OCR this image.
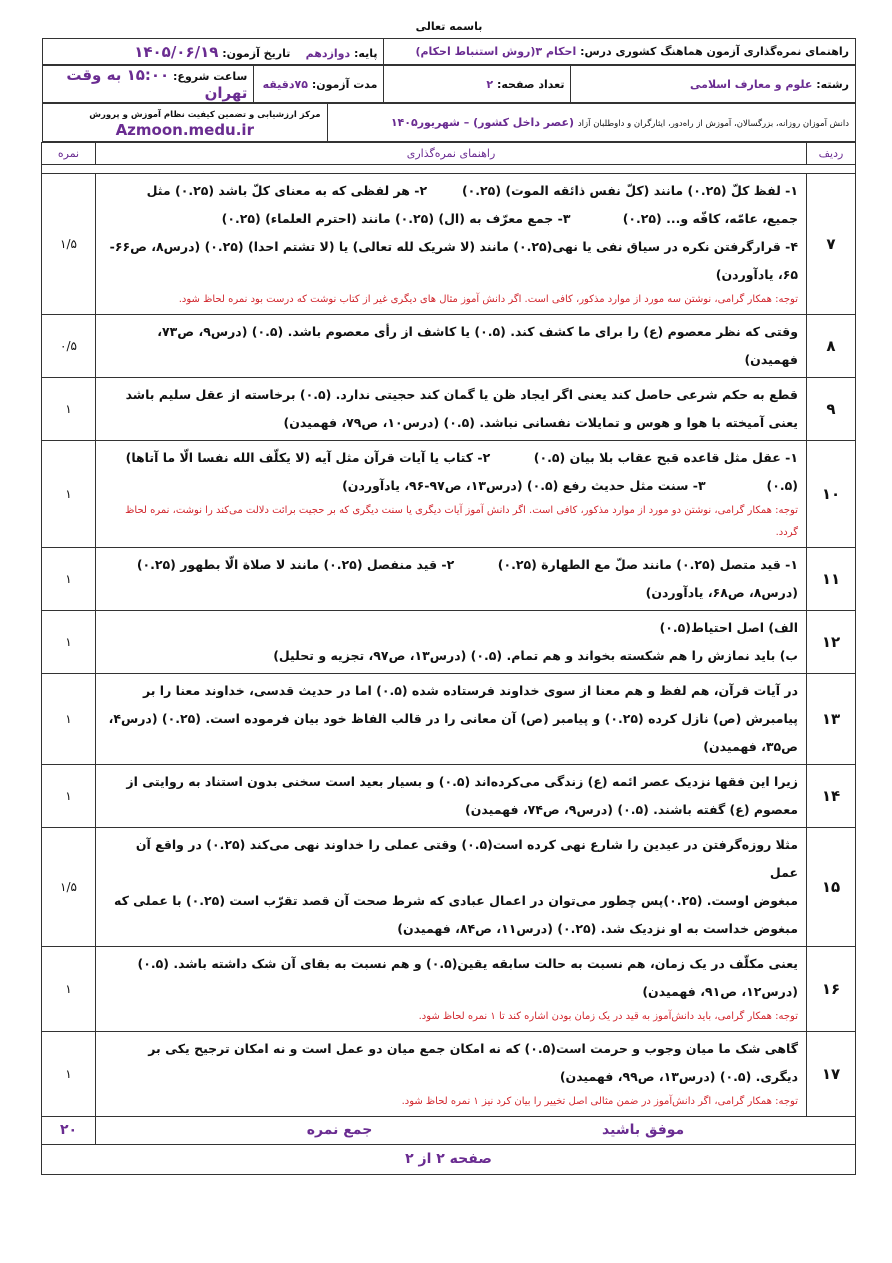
باسمه تعالی
راهنمای نمره‌گذاری آزمون هماهنگ کشوری درس: احکام ۳(روش استنباط احکام)	پایه: دوازدهم    تاریخ آزمون: ۱۴۰۵/۰۶/۱۹
رشته: علوم و معارف اسلامی	تعداد صفحه: ۲	مدت آزمون: ۷۵دقیقه	ساعت شروع: ۱۵:۰۰ به وقت تهران
دانش آموزان روزانه، بزرگسالان، آموزش از راه‌دور، ایثارگران و داوطلبان آزاد (عصر داخل کشور) – شهریور۱۴۰۵	
مرکز ارزشیابی و تضمین کیفیت نظام آموزش و پرورش
Azmoon.medu.ir
ردیف	راهنمای نمره‌گذاری	نمره

۷	۱- لفظ کلّ (۰.۲۵) مانند (کلّ نفس ذائقه الموت) (۰.۲۵)        ۲- هر لفظی که به معنای کلّ باشد (۰.۲۵) مثل
جمیع، عامّه، کافّه و... (۰.۲۵)            ۳- جمع معرّف به (ال) (۰.۲۵) مانند (احترم العلماء) (۰.۲۵)
۴- قرارگرفتن نکره در سیاق نفی یا نهی(۰.۲۵) مانند (لا شریک لله تعالی) یا (لا تشتم احدا) (۰.۲۵) (درس۸، ص۶۶-
۶۵، یادآوردن)
توجه: همکار گرامی، نوشتن سه مورد از موارد مذکور، کافی است. اگر دانش آموز مثال های دیگری غیر از کتاب نوشت که درست بود نمره لحاظ شود.	۱/۵
۸	وقتی که نظر معصوم (ع) را برای ما کشف کند. (۰.۵) یا کاشف از رأی معصوم باشد. (۰.۵) (درس۹، ص۷۳، فهمیدن)	۰/۵
۹	قطع به حکم شرعی حاصل کند یعنی اگر ایجاد ظن یا گمان کند حجیتی ندارد. (۰.۵) برخاسته از عقل سلیم باشد
یعنی آمیخته با هوا و هوس و تمایلات نفسانی نباشد. (۰.۵) (درس۱۰، ص۷۹، فهمیدن)	۱
۱۰	۱- عقل مثل قاعده قبح عقاب بلا بیان (۰.۵)          ۲- کتاب یا آیات قرآن مثل آیه (لا یکلّف الله نفسا الّا ما آتاها)
(۰.۵)              ۳- سنت مثل حدیث رفع (۰.۵) (درس۱۳، ص۹۷-۹۶، یادآوردن)
توجه: همکار گرامی، نوشتن دو مورد از موارد مذکور، کافی است. اگر دانش آموز آیات دیگری یا سنت دیگری که بر حجیت برائت دلالت می‌کند را نوشت، نمره لحاظ گردد.	۱
۱۱	۱- قید متصل (۰.۲۵) مانند صلّ مع الطهارة (۰.۲۵)          ۲- قید منفصل (۰.۲۵) مانند لا صلاة الّا بطهور (۰.۲۵)
(درس۸، ص۶۸، یادآوردن)	۱
۱۲	الف) اصل احتیاط(۰.۵)
ب) باید نمازش را هم شکسته بخواند و هم تمام. (۰.۵) (درس۱۳، ص۹۷، تجزیه و تحلیل)	۱
۱۳	در آیات قرآن، هم لفظ و هم معنا از سوی خداوند فرستاده شده (۰.۵) اما در حدیث قدسی، خداوند معنا را بر
پیامبرش (ص) نازل کرده (۰.۲۵) و پیامبر (ص) آن معانی را در قالب الفاظ خود بیان فرموده است. (۰.۲۵) (درس۴،
ص۳۵، فهمیدن)	۱
۱۴	زیرا این فقها نزدیک عصر ائمه (ع) زندگی می‌کرده‌اند (۰.۵) و بسیار بعید است سخنی بدون استناد به روایتی از
معصوم (ع) گفته باشند. (۰.۵) (درس۹، ص۷۴، فهمیدن)	۱
۱۵	مثلا روزه‌گرفتن در عیدین را شارع نهی کرده است(۰.۵) وقتی عملی را خداوند نهی می‌کند (۰.۲۵) در واقع آن عمل
مبغوض اوست. (۰.۲۵)پس چطور می‌توان در اعمال عبادی که شرط صحت آن قصد تقرّب است (۰.۲۵) با عملی که
مبغوض خداست به او نزدیک شد. (۰.۲۵) (درس۱۱، ص۸۴، فهمیدن)	۱/۵
۱۶	یعنی مکلّف در یک زمان، هم نسبت به حالت سابقه یقین(۰.۵) و هم نسبت به بقای آن شک داشته باشد. (۰.۵)
(درس۱۲، ص۹۱، فهمیدن)
توجه: همکار گرامی، باید دانش‌آموز به قید در یک زمان بودن اشاره کند تا ۱ نمره لحاظ شود.	۱
۱۷	گاهی شک ما میان وجوب و حرمت است(۰.۵) که نه امکان جمع میان دو عمل است و نه امکان ترجیح یکی بر
دیگری. (۰.۵) (درس۱۳، ص۹۹، فهمیدن)
توجه: همکار گرامی، اگر دانش‌آموز در ضمن مثالی اصل تخییر را بیان کرد نیز ۱ نمره لحاظ شود.	۱
موفق باشید  جمع نمره		۲۰
صفحه ۲ از ۲		
